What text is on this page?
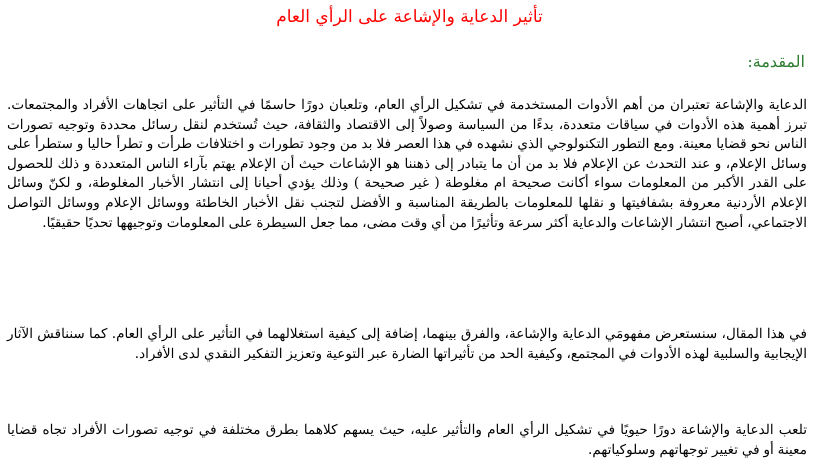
تأثير الدعاية والإشاعة على الرأي العام
المقدمة:

الدعاية والإشاعة تعتبران من أهم الأدوات المستخدمة في تشكيل الرأي العام، وتلعبان دورًا حاسمًا في التأثير على اتجاهات الأفراد والمجتمعات. تبرز أهمية هذه الأدوات في سياقات متعددة، بدءًا من السياسة وصولاً إلى الاقتصاد والثقافة، حيث تُستخدم لنقل رسائل محددة وتوجيه تصورات الناس نحو قضايا معينة. ومع التطور التكنولوجي الذي نشهده في هذا العصر فلا بد من وجود تطورات و اختلافات طرأت و تطرأ حاليا و ستطرأ على وسائل الإعلام، و عند التحدث عن الإعلام فلا بد من أن ما يتبادر إلى ذهننا هو الإشاعات حيث أن الإعلام يهتم بآراء الناس المتعددة و ذلك للحصول على القدر الأكبر من المعلومات سواء أكانت صحيحة ام مغلوطة ( غير صحيحة ) وذلك يؤدي أحيانا إلى انتشار الأخبار المغلوطة، و لكنّ وسائل الإعلام الأردنية معروفة بشفافيتها و نقلها للمعلومات بالطريقة المناسبة و الأفضل لتجنب نقل الأخبار الخاطئة ووسائل الإعلام ووسائل التواصل الاجتماعي، أصبح انتشار الإشاعات والدعاية أكثر سرعة وتأثيرًا من أي وقت مضى، مما جعل السيطرة على المعلومات وتوجيهها تحديًا حقيقيًا.

في هذا المقال، سنستعرض مفهومَي الدعاية والإشاعة، والفرق بينهما، إضافة إلى كيفية استغلالهما في التأثير على الرأي العام. كما سنناقش الآثار الإيجابية والسلبية لهذه الأدوات في المجتمع، وكيفية الحد من تأثيراتها الضارة عبر التوعية وتعزيز التفكير النقدي لدى الأفراد.

تلعب الدعاية والإشاعة دورًا حيويًا في تشكيل الرأي العام والتأثير عليه، حيث يسهم كلاهما بطرق مختلفة في توجيه تصورات الأفراد تجاه قضايا معينة أو في تغيير توجهاتهم وسلوكياتهم.
